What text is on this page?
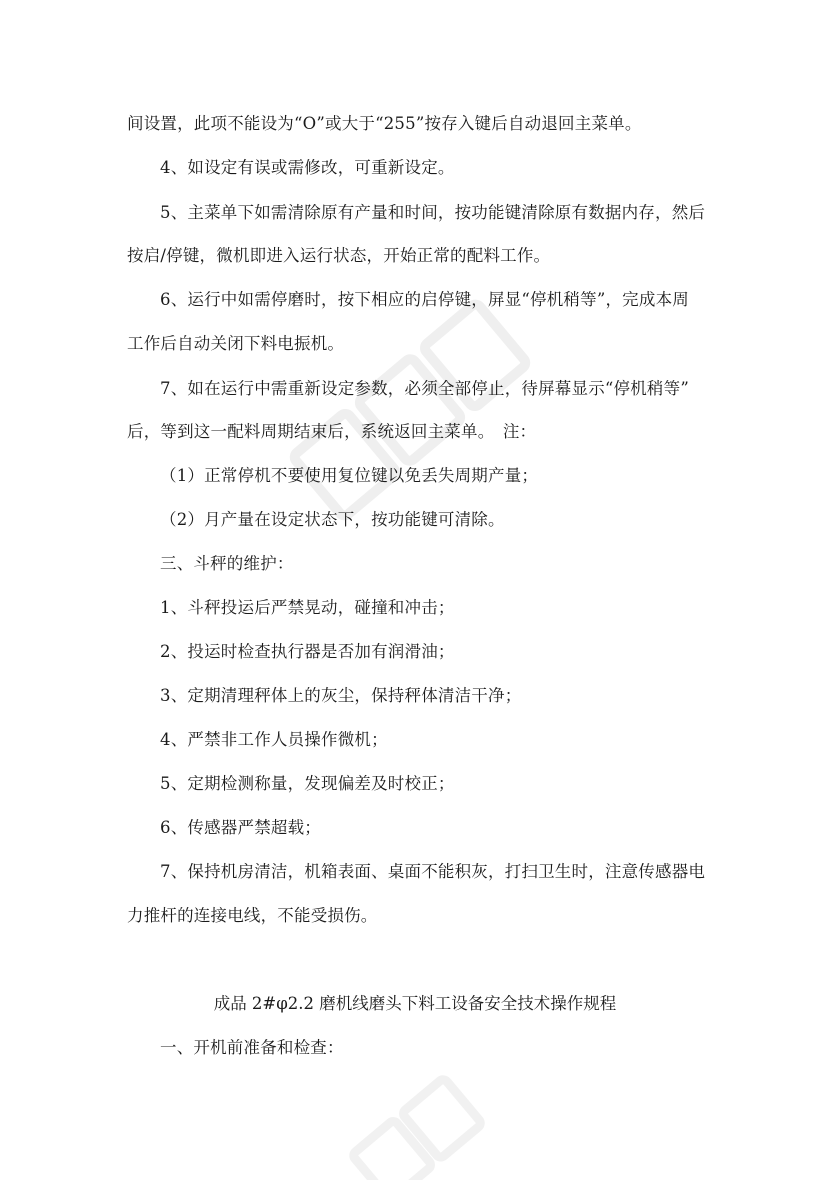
间设置，此项不能设为“O”或大于“255”按存入键后自动退回主菜单。
4、如设定有误或需修改，可重新设定。
5、主菜单下如需清除原有产量和时间，按功能键清除原有数据内存，然后
按启/停键，微机即进入运行状态，开始正常的配料工作。
6、运行中如需停磨时，按下相应的启停键，屏显“停机稍等”，完成本周
工作后自动关闭下料电振机。
7、如在运行中需重新设定参数，必须全部停止，待屏幕显示“停机稍等”
后，等到这一配料周期结束后，系统返回主菜单。　注：
（1）正常停机不要使用复位键以免丢失周期产量；
（2）月产量在设定状态下，按功能键可清除。
三、斗秤的维护：
1、斗秤投运后严禁晃动，碰撞和冲击；
2、投运时检查执行器是否加有润滑油；
3、定期清理秤体上的灰尘，保持秤体清洁干净；
4、严禁非工作人员操作微机；
5、定期检测称量，发现偏差及时校正；
6、传感器严禁超载；
7、保持机房清洁，机箱表面、桌面不能积灰，打扫卫生时，注意传感器电
力推杆的连接电线，不能受损伤。
成品 2#φ2.2 磨机线磨头下料工设备安全技术操作规程
一、开机前准备和检查：
